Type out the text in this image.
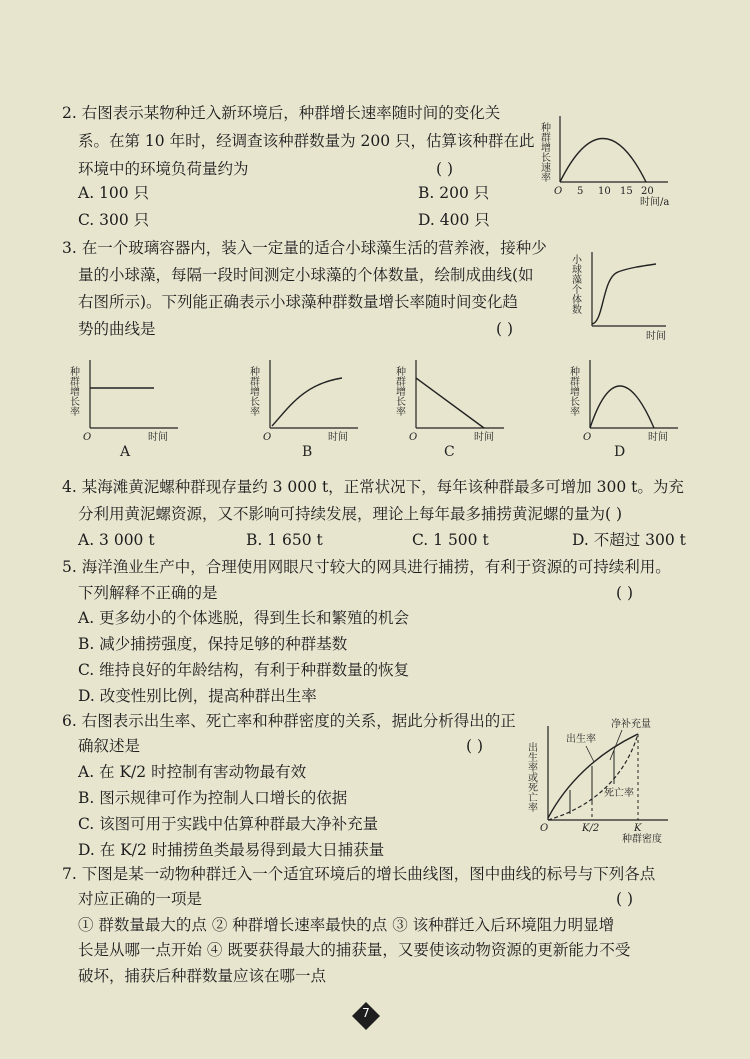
2. 右图表示某物种迁入新环境后，种群增长速率随时间的变化关
系。在第 10 年时，经调查该种群数量为 200 只，估算该种群在此
环境中的环境负荷量约为	( )
A. 100 只	B. 200 只
C. 300 只	D. 400 只
种群增长速率
O 5 10 15 20
时间/a
3. 在一个玻璃容器内，装入一定量的适合小球藻生活的营养液，接种少
量的小球藻，每隔一段时间测定小球藻的个体数量，绘制成曲线(如
右图所示)。下列能正确表示小球藻种群数量增长率随时间变化趋
势的曲线是	( )
小球藻个体数
时间
种群增长率
O	时间
A
种群增长率
O	时间
B
种群增长率
O	时间
C
种群增长率
O	时间
D
4. 某海滩黄泥螺种群现存量约 3 000 t，正常状况下，每年该种群最多可增加 300 t。为充
分利用黄泥螺资源，又不影响可持续发展，理论上每年最多捕捞黄泥螺的量为( )
A. 3 000 t	B. 1 650 t	C. 1 500 t	D. 不超过 300 t
5. 海洋渔业生产中，合理使用网眼尺寸较大的网具进行捕捞，有利于资源的可持续利用。
下列解释不正确的是	( )
A. 更多幼小的个体逃脱，得到生长和繁殖的机会
B. 减少捕捞强度，保持足够的种群基数
C. 维持良好的年龄结构，有利于种群数量的恢复
D. 改变性别比例，提高种群出生率
6. 右图表示出生率、死亡率和种群密度的关系，据此分析得出的正
确叙述是	( )
A. 在 K/2 时控制有害动物最有效
B. 图示规律可作为控制人口增长的依据
C. 该图可用于实践中估算种群最大净补充量
D. 在 K/2 时捕捞鱼类最易得到最大日捕获量
出生率或死亡率
净补充量
出生率
死亡率
O	K/2	K
种群密度
7. 下图是某一动物种群迁入一个适宜环境后的增长曲线图，图中曲线的标号与下列各点
对应正确的一项是	( )
① 群数量最大的点 ② 种群增长速率最快的点 ③ 该种群迁入后环境阻力明显增
长是从哪一点开始 ④ 既要获得最大的捕获量，又要使该动物资源的更新能力不受
破坏，捕获后种群数量应该在哪一点
7
